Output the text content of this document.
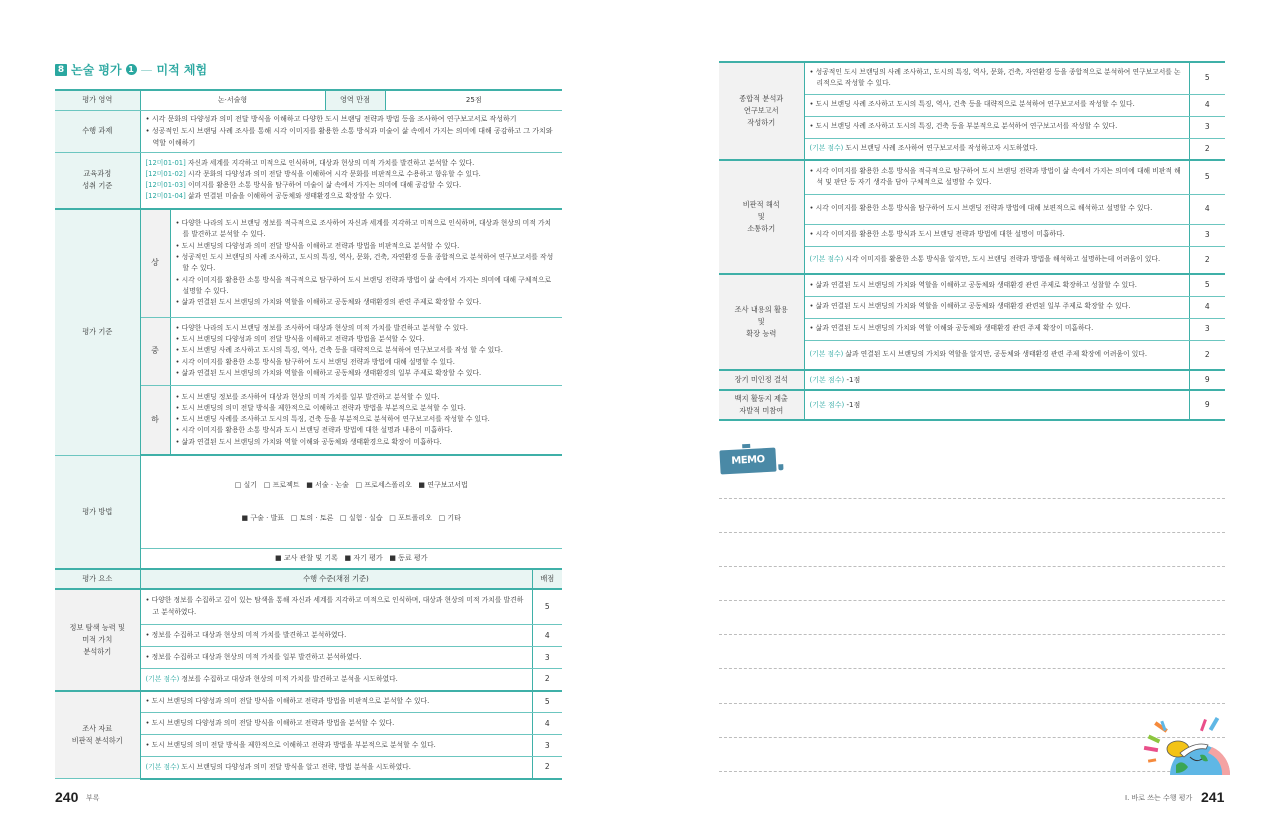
8 논술 평가 1 — 미적 체험
평가 영역	논·서술형		영역 만점	25점	
수행 과제	• 시각 문화의 다양성과 의미 전달 방식을 이해하고 다양한 도시 브랜딩 전략과 방법 등을 조사하여 연구보고서로 작성하기
• 성공적인 도시 브랜딩 사례 조사를 통해 시각 이미지를 활용한 소통 방식과 미술이 삶 속에서 가지는 의미에 대해 공감하고 그 가치와 역할 이해하기				

교육과정
성취 기준	[12미01-01] 자신과 세계를 지각하고 미적으로 인식하며, 대상과 현상의 미적 가치를 발견하고 분석할 수 있다.
[12미01-02] 시각 문화의 다양성과 의미 전달 방식을 이해하여 시각 문화를 비판적으로 수용하고 향유할 수 있다.
[12미01-03] 이미지를 활용한 소통 방식을 탐구하여 미술이 삶 속에서 가지는 의미에 대해 공감할 수 있다.
[12미01-04] 삶과 연결된 미술을 이해하여 공동체와 생태환경으로 확장할 수 있다.				

평가 기준	상	• 다양한 나라의 도시 브랜딩 정보를 적극적으로 조사하여 자신과 세계를 지각하고 미적으로 인식하며, 대상과 현상의 미적 가치를 발견하고 분석할 수 있다.
• 도시 브랜딩의 다양성과 의미 전달 방식을 이해하고 전략과 방법을 비판적으로 분석할 수 있다.
• 성공적인 도시 브랜딩의 사례 조사하고, 도시의 특징, 역사, 문화, 건축, 자연환경 등을 종합적으로 분석하여 연구보고서를 작성할 수 있다.
• 시각 이미지를 활용한 소통 방식을 적극적으로 탐구하여 도시 브랜딩 전략과 방법이 삶 속에서 가지는 의미에 대해 구체적으로 설명할 수 있다.
• 삶과 연결된 도시 브랜딩의 가치와 역할을 이해하고 공동체와 생태환경의 관련 주제로 확장할 수 있다.			

	중	• 다양한 나라의 도시 브랜딩 정보를 조사하여 대상과 현상의 미적 가치를 발견하고 분석할 수 있다.
• 도시 브랜딩의 다양성과 의미 전달 방식을 이해하고 전략과 방법을 분석할 수 있다.
• 도시 브랜딩 사례 조사하고 도시의 특징, 역사, 건축 등을 대략적으로 분석하여 연구보고서를 작성 할 수 있다.
• 시각 이미지를 활용한 소통 방식을 탐구하여 도시 브랜딩 전략과 방법에 대해 설명할 수 있다.
• 삶과 연결된 도시 브랜딩의 가치와 역할을 이해하고 공동체와 생태환경의 일부 주제로 확장할 수 있다.			

	하	• 도시 브랜딩 정보를 조사하여 대상과 현상의 미적 가치를 일부 발견하고 분석할 수 있다.
• 도시 브랜딩의 의미 전달 방식을 제한적으로 이해하고 전략과 방법을 부분적으로 분석할 수 있다.
• 도시 브랜딩 사례를 조사하고 도시의 특징, 건축 등을 부분적으로 분석하여 연구보고서를 작성할 수 있다.
• 시각 이미지를 활용한 소통 방식과 도시 브랜딩 전략과 방법에 대한 설명과 내용이 미흡하다.
• 삶과 연결된 도시 브랜딩의 가치와 역할 이해와 공동체와 생태환경으로 확장이 미흡하다.			

평가 방법	□ 실기   □ 프로젝트   ■ 서술 · 논술   □ 프로세스폴리오   ■ 연구보고서법

■ 구술 · 발표   □ 토의 · 토론   □ 실험 · 실습   □ 포트폴리오   □ 기타				

	■ 교사 관찰 및 기록   ■ 자기 평가   ■ 동료 평가				
평가 요소	수행 수준(채점 기준)				배점

정보 탐색 능력 및
미적 가치
분석하기	• 다양한 정보를 수집하고 깊이 있는 탐색을 통해 자신과 세계를 지각하고 미적으로 인식하며, 대상과 현상의 미적 가치를 발견하고 분석하였다.				5

	• 정보를 수집하고 대상과 현상의 미적 가치를 발견하고 분석하였다.				4

	• 정보를 수집하고 대상과 현상의 미적 가치를 일부 발견하고 분석하였다.				3

	(기본 점수) 정보를 수집하고 대상과 현상의 미적 가치를 발견하고 분석을 시도하였다.				2

조사 자료
비판적 분석하기	• 도시 브랜딩의 다양성과 의미 전달 방식을 이해하고 전략과 방법을 비판적으로 분석할 수 있다.				5

	• 도시 브랜딩의 다양성과 의미 전달 방식을 이해하고 전략과 방법을 분석할 수 있다.				4

	• 도시 브랜딩의 의미 전달 방식을 제한적으로 이해하고 전략과 방법을 부분적으로 분석할 수 있다.				3

	(기본 점수) 도시 브랜딩의 다양성과 의미 전달 방식을 알고 전략, 방법 분석을 시도하였다.				2
종합적 분석과
연구보고서
작성하기	• 성공적인 도시 브랜딩의 사례 조사하고, 도시의 특징, 역사, 문화, 건축, 자연환경 등을 종합적으로 분석하여 연구보고서를 논리적으로 작성할 수 있다.	5

	• 도시 브랜딩 사례 조사하고 도시의 특징, 역사, 건축 등을 대략적으로 분석하여 연구보고서를 작성할 수 있다.	4

	• 도시 브랜딩 사례 조사하고 도시의 특징, 건축 등을 부분적으로 분석하여 연구보고서를 작성할 수 있다.	3

	(기본 점수) 도시 브랜딩 사례 조사하여 연구보고서를 작성하고자 시도하였다.	2

비판적 해석
및
소통하기	• 시각 이미지를 활용한 소통 방식을 적극적으로 탐구하여 도시 브랜딩 전략과 방법이 삶 속에서 가지는 의미에 대해 비판적 해석 및 판단 등 자기 생각을 담아 구체적으로 설명할 수 있다.	5

	• 시각 이미지를 활용한 소통 방식을 탐구하여 도시 브랜딩 전략과 방법에 대해 보편적으로 해석하고 설명할 수 있다.	4

	• 시각 이미지를 활용한 소통 방식과 도시 브랜딩 전략과 방법에 대한 설명이 미흡하다.	3

	(기본 점수) 시각 이미지를 활용한 소통 방식을 알지만, 도시 브랜딩 전략과 방법을 해석하고 설명하는데 어려움이 있다.	2

조사 내용의 활용
및
확장 능력	• 삶과 연결된 도시 브랜딩의 가치와 역할을 이해하고 공동체와 생태환경 관련 주제로 확장하고 성찰할 수 있다.	5

	• 삶과 연결된 도시 브랜딩의 가치와 역할을 이해하고 공동체와 생태환경 관련된 일부 주제로 확장할 수 있다.	4

	• 삶과 연결된 도시 브랜딩의 가치와 역할 이해와 공동체와 생태환경 관련 주제 확장이 미흡하다.	3

	(기본 점수) 삶과 연결된 도시 브랜딩의 가치와 역할을 알지만, 공동체와 생태환경 관련 주제 확장에 어려움이 있다.	2

장기 미인정 결석	(기본 점수) -1점	9

백지 활동지 제출
자발적 미참여	(기본 점수) -1점	9
MEMO
240 부록	I. 바로 쓰는 수행 평가 241
